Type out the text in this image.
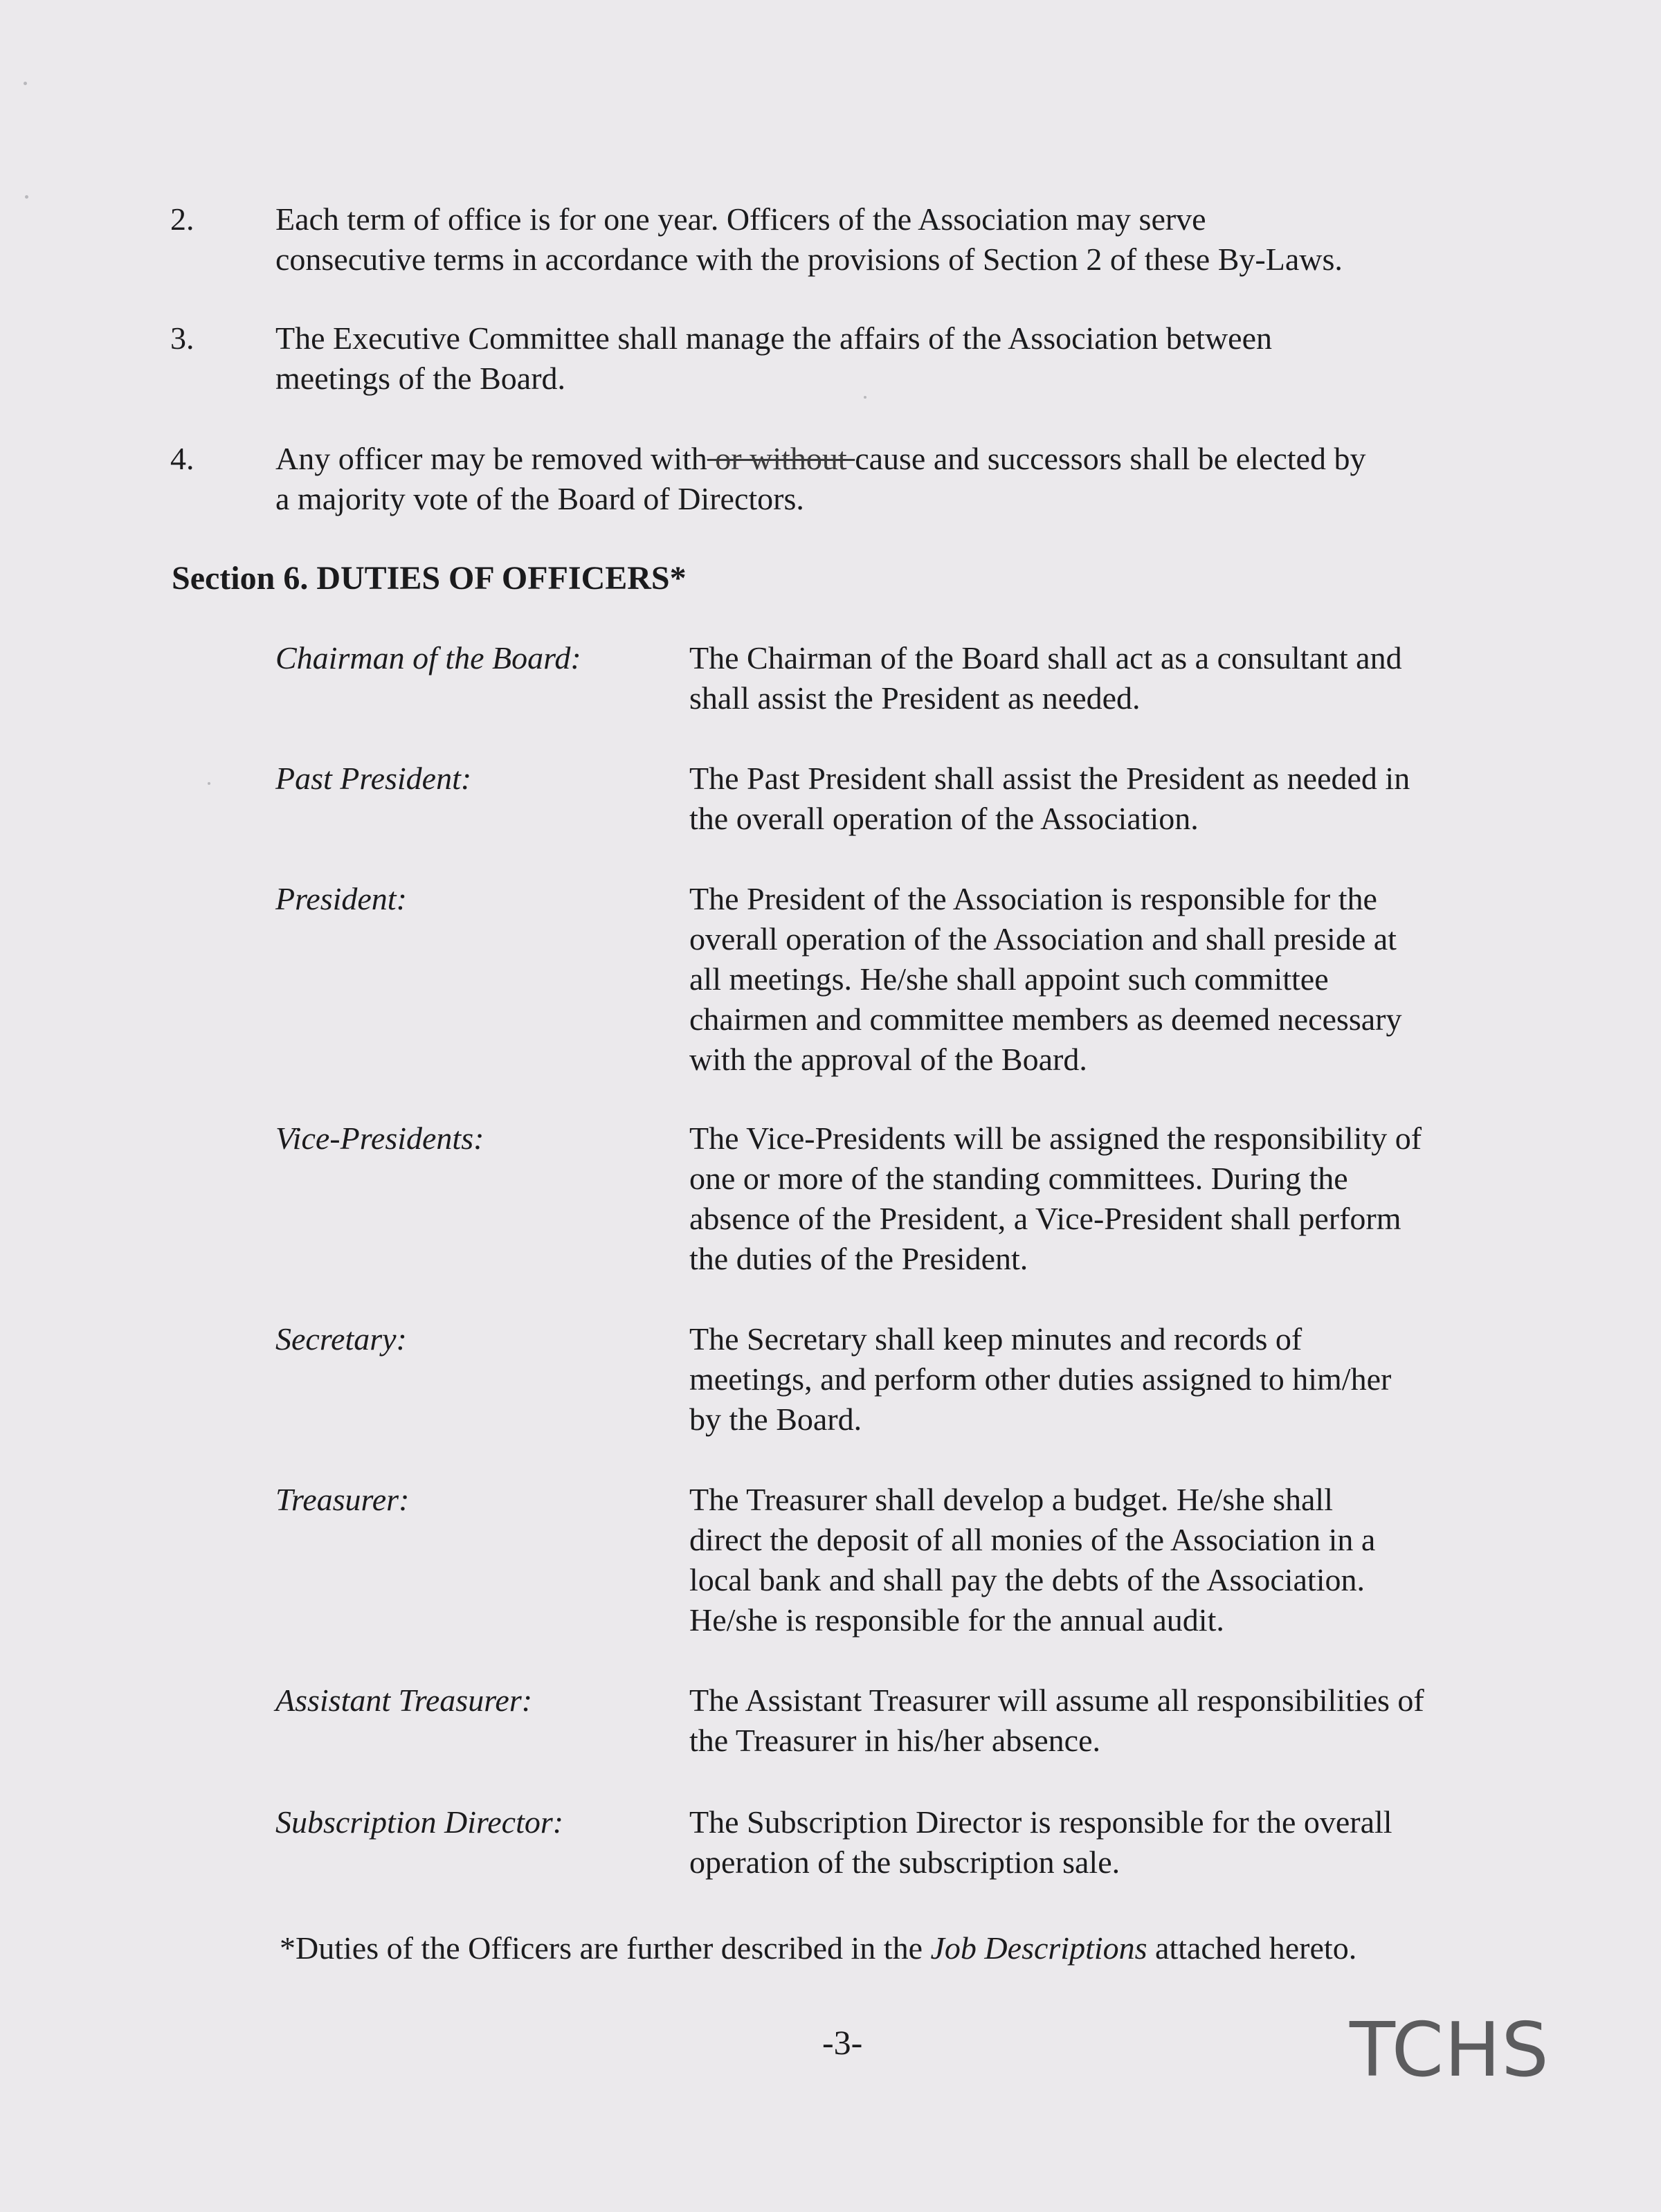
2.	Each term of office is for one year. Officers of the Association may serve
consecutive terms in accordance with the provisions of Section 2 of these By-Laws.
3.	The Executive Committee shall manage the affairs of the Association between
meetings of the Board.
4.	Any officer may be removed with or without cause and successors shall be elected by
a majority vote of the Board of Directors.
Section 6. DUTIES OF OFFICERS*
Chairman of the Board:	The Chairman of the Board shall act as a consultant and
shall assist the President as needed.
Past President:	The Past President shall assist the President as needed in
the overall operation of the Association.
President:	The President of the Association is responsible for the
overall operation of the Association and shall preside at
all meetings. He/she shall appoint such committee
chairmen and committee members as deemed necessary
with the approval of the Board.
Vice-Presidents:	The Vice-Presidents will be assigned the responsibility of
one or more of the standing committees. During the
absence of the President, a Vice-President shall perform
the duties of the President.
Secretary:	The Secretary shall keep minutes and records of
meetings, and perform other duties assigned to him/her
by the Board.
Treasurer:	The Treasurer shall develop a budget. He/she shall
direct the deposit of all monies of the Association in a
local bank and shall pay the debts of the Association.
He/she is responsible for the annual audit.
Assistant Treasurer:	The Assistant Treasurer will assume all responsibilities of
the Treasurer in his/her absence.
Subscription Director:	The Subscription Director is responsible for the overall
operation of the subscription sale.
*Duties of the Officers are further described in the Job Descriptions attached hereto.
-3-	TCHS
